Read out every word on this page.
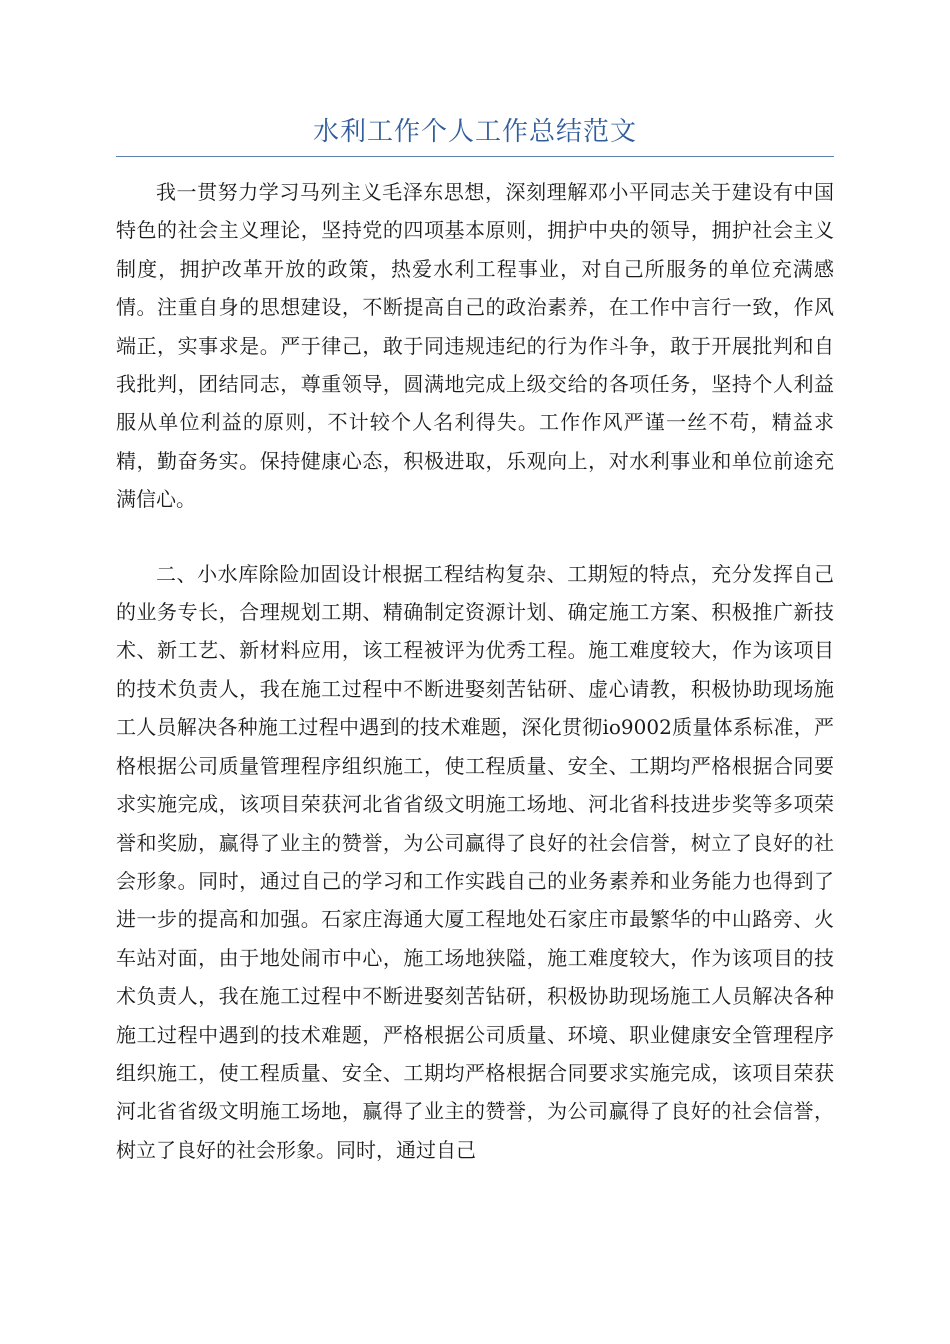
水利工作个人工作总结范文

我一贯努力学习马列主义毛泽东思想，深刻理解邓小平同志关于建设有中国特色的社会主义理论，坚持党的四项基本原则，拥护中央的领导，拥护社会主义制度，拥护改革开放的政策，热爱水利工程事业，对自己所服务的单位充满感情。注重自身的思想建设，不断提高自己的政治素养，在工作中言行一致，作风端正，实事求是。严于律己，敢于同违规违纪的行为作斗争，敢于开展批判和自我批判，团结同志，尊重领导，圆满地完成上级交给的各项任务，坚持个人利益服从单位利益的原则，不计较个人名利得失。工作作风严谨一丝不苟，精益求精，勤奋务实。保持健康心态，积极进取，乐观向上，对水利事业和单位前途充满信心。

二、小水库除险加固设计根据工程结构复杂、工期短的特点，充分发挥自己的业务专长，合理规划工期、精确制定资源计划、确定施工方案、积极推广新技术、新工艺、新材料应用，该工程被评为优秀工程。施工难度较大，作为该项目的技术负责人，我在施工过程中不断进娶刻苦钻研、虚心请教，积极协助现场施工人员解决各种施工过程中遇到的技术难题，深化贯彻io9002质量体系标准，严格根据公司质量管理程序组织施工，使工程质量、安全、工期均严格根据合同要求实施完成，该项目荣获河北省省级文明施工场地、河北省科技进步奖等多项荣誉和奖励，赢得了业主的赞誉，为公司赢得了良好的社会信誉，树立了良好的社会形象。同时，通过自己的学习和工作实践自己的业务素养和业务能力也得到了进一步的提高和加强。石家庄海通大厦工程地处石家庄市最繁华的中山路旁、火车站对面，由于地处闹市中心，施工场地狭隘，施工难度较大，作为该项目的技术负责人，我在施工过程中不断进娶刻苦钻研，积极协助现场施工人员解决各种施工过程中遇到的技术难题，严格根据公司质量、环境、职业健康安全管理程序组织施工，使工程质量、安全、工期均严格根据合同要求实施完成，该项目荣获河北省省级文明施工场地，赢得了业主的赞誉，为公司赢得了良好的社会信誉，树立了良好的社会形象。同时，通过自己
